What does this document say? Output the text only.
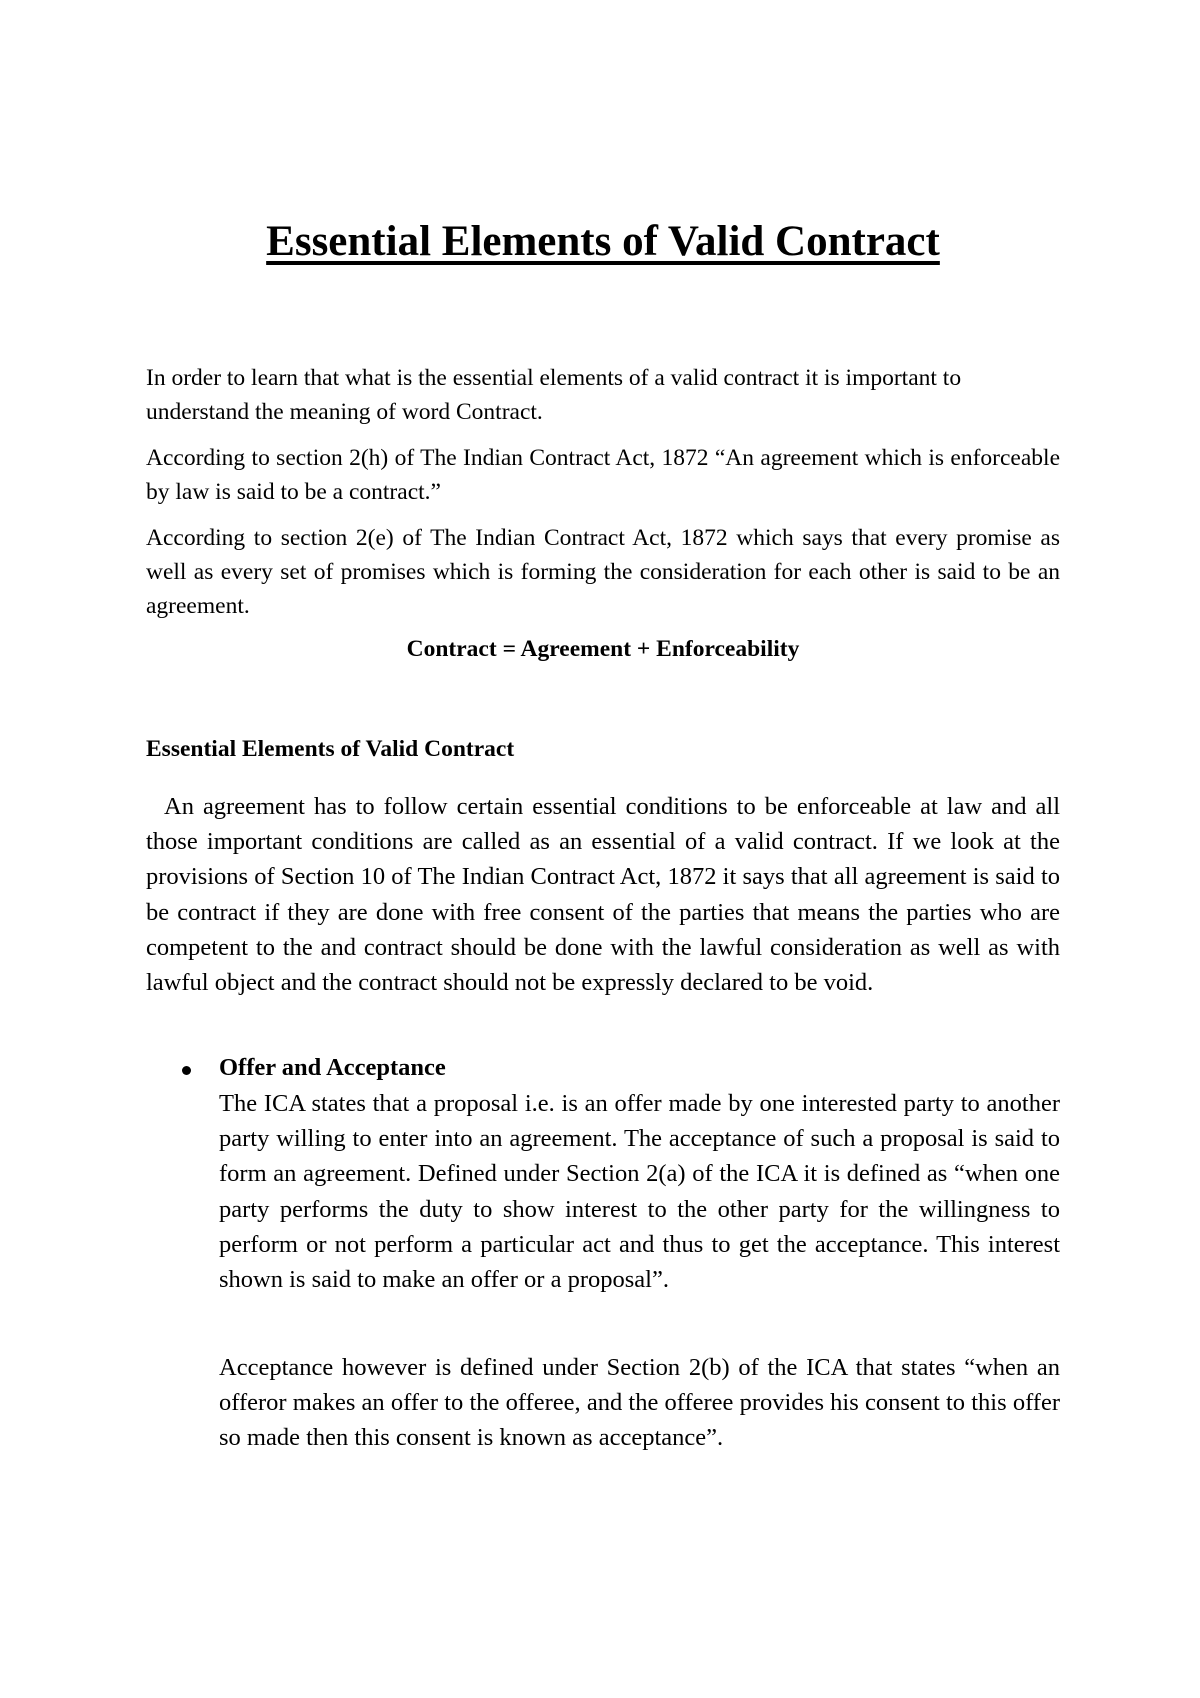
Essential Elements of Valid Contract

In order to learn that what is the essential elements of a valid contract it is important to understand the meaning of word Contract.

According to section 2(h) of The Indian Contract Act, 1872 “An agreement which is enforceable by law is said to be a contract.”

According to section 2(e) of The Indian Contract Act, 1872 which says that every promise as well as every set of promises which is forming the consideration for each other is said to be an agreement.

Contract = Agreement + Enforceability

Essential Elements of Valid Contract

An agreement has to follow certain essential conditions to be enforceable at law and all those important conditions are called as an essential of a valid contract. If we look at the provisions of Section 10 of The Indian Contract Act, 1872 it says that all agreement is said to be contract if they are done with free consent of the parties that means the parties who are competent to the and contract should be done with the lawful consideration as well as with lawful object and the contract should not be expressly declared to be void.

Offer and Acceptance

The ICA states that a proposal i.e. is an offer made by one interested party to another party willing to enter into an agreement. The acceptance of such a proposal is said to form an agreement. Defined under Section 2(a) of the ICA it is defined as “when one party performs the duty to show interest to the other party for the willingness to perform or not perform a particular act and thus to get the acceptance. This interest shown is said to make an offer or a proposal”.

Acceptance however is defined under Section 2(b) of the ICA that states “when an offeror makes an offer to the offeree, and the offeree provides his consent to this offer so made then this consent is known as acceptance”.
